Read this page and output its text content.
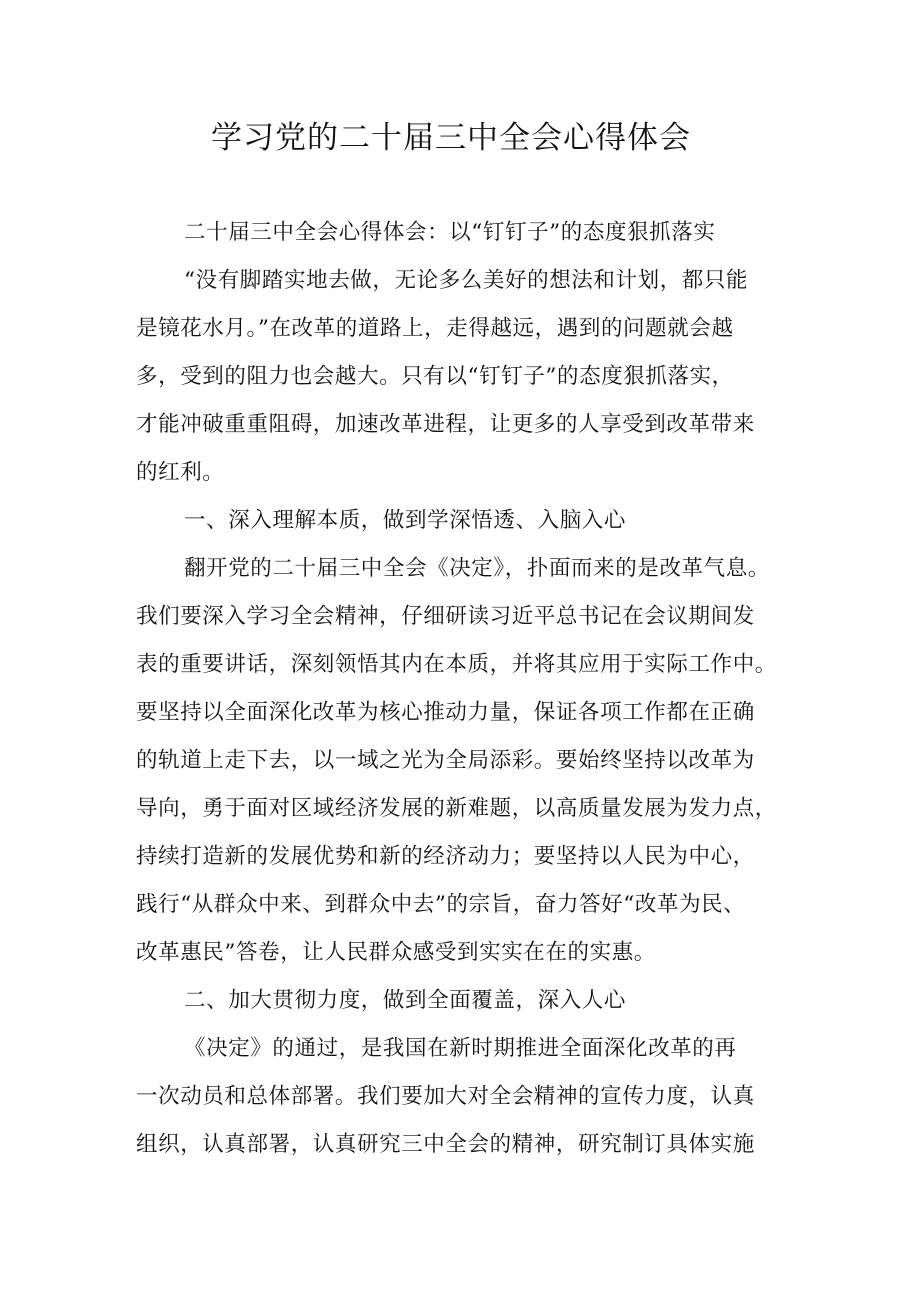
学习党的二十届三中全会心得体会

二十届三中全会心得体会：以“钉钉子”的态度狠抓落实

“没有脚踏实地去做，无论多么美好的想法和计划，都只能

是镜花水月。”在改革的道路上，走得越远，遇到的问题就会越

多，受到的阻力也会越大。只有以“钉钉子”的态度狠抓落实，

才能冲破重重阻碍，加速改革进程，让更多的人享受到改革带来

的红利。

一、深入理解本质，做到学深悟透、入脑入心

翻开党的二十届三中全会《决定》，扑面而来的是改革气息。

我们要深入学习全会精神，仔细研读习近平总书记在会议期间发

表的重要讲话，深刻领悟其内在本质，并将其应用于实际工作中。

要坚持以全面深化改革为核心推动力量，保证各项工作都在正确

的轨道上走下去，以一域之光为全局添彩。要始终坚持以改革为

导向，勇于面对区域经济发展的新难题，以高质量发展为发力点，

持续打造新的发展优势和新的经济动力；要坚持以人民为中心，

践行“从群众中来、到群众中去”的宗旨，奋力答好“改革为民、

改革惠民”答卷，让人民群众感受到实实在在的实惠。

二、加大贯彻力度，做到全面覆盖，深入人心

《决定》的通过，是我国在新时期推进全面深化改革的再

一次动员和总体部署。我们要加大对全会精神的宣传力度，认真

组织，认真部署，认真研究三中全会的精神，研究制订具体实施
